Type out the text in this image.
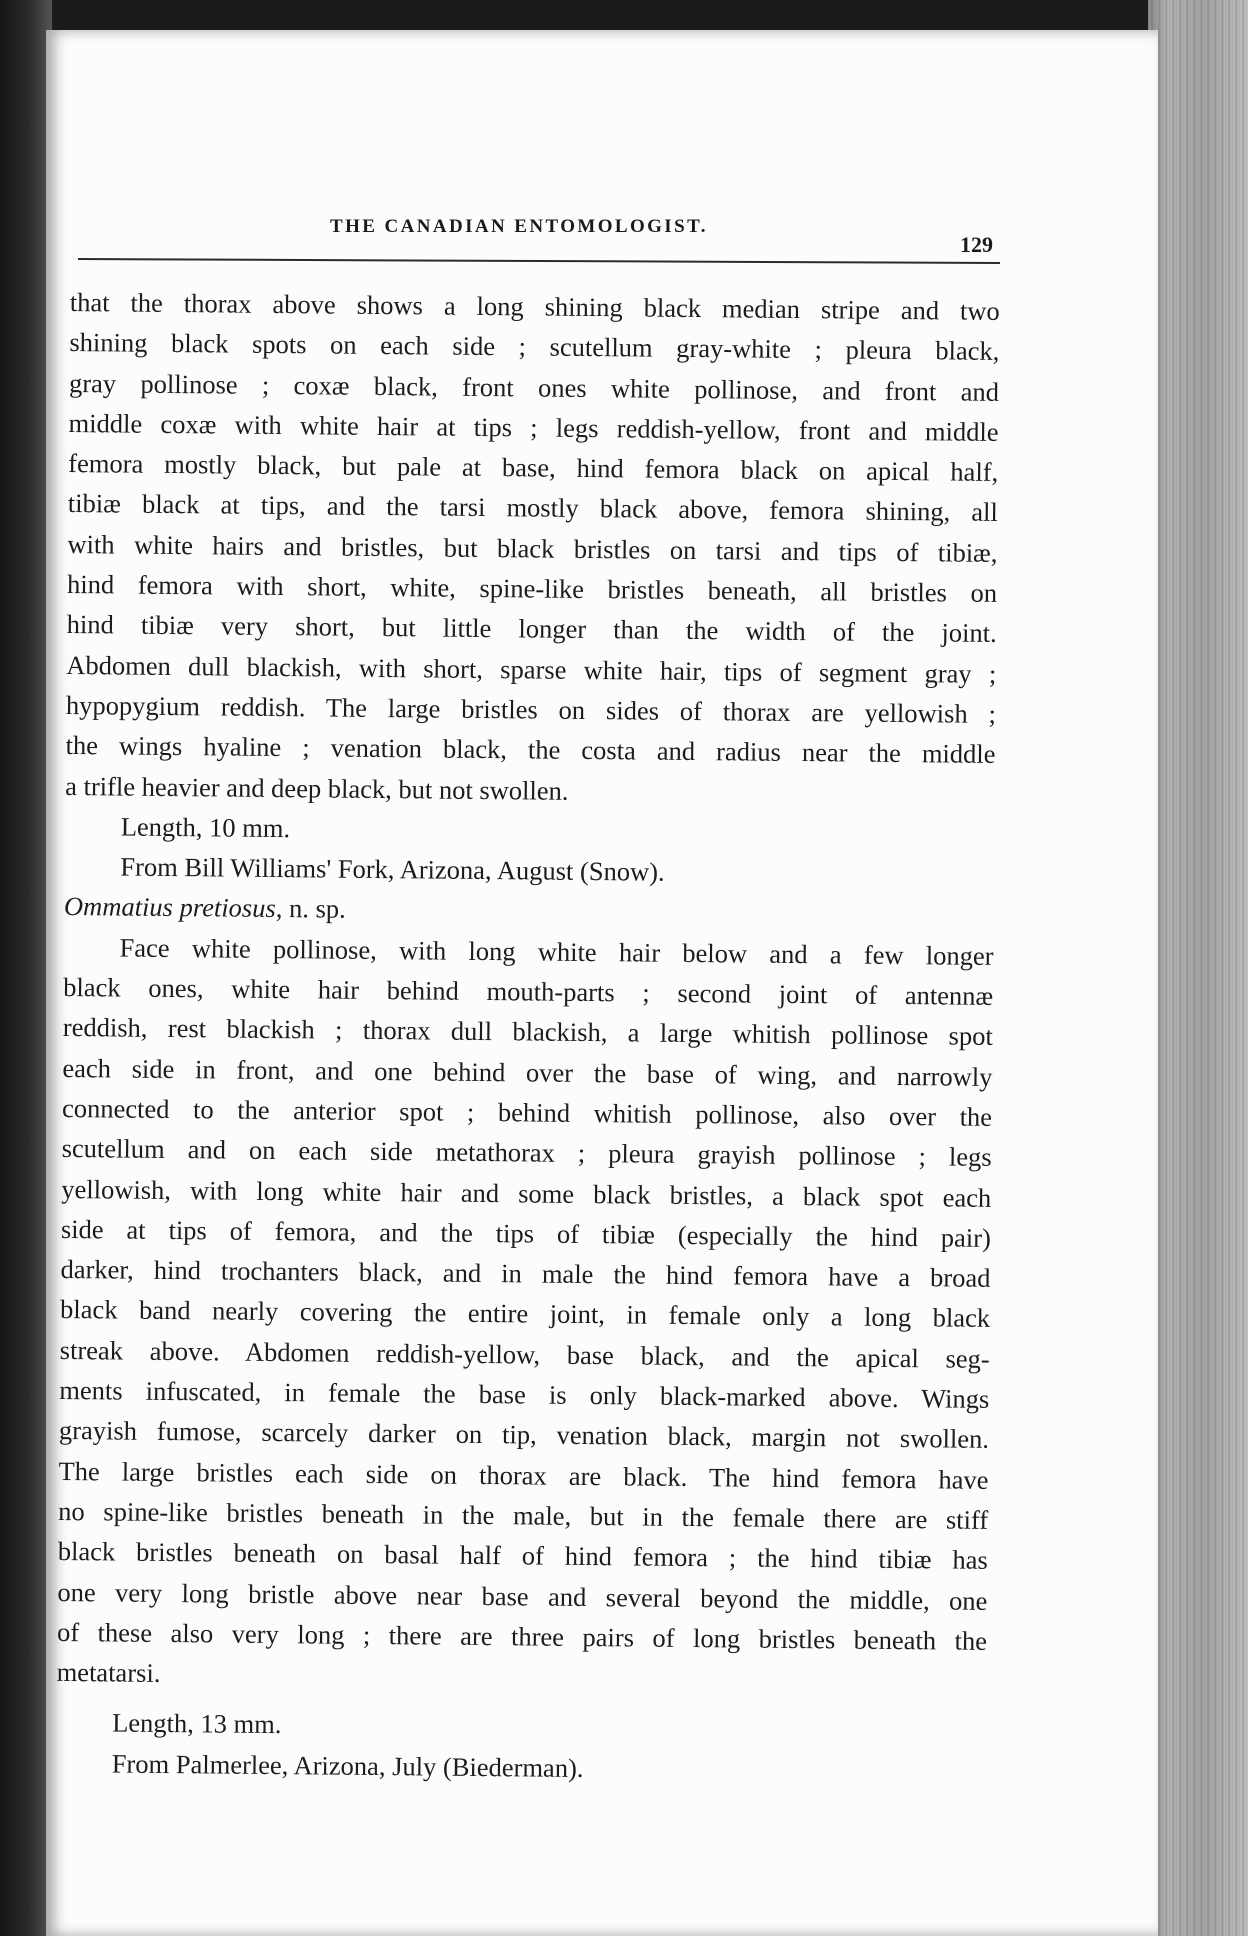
THE CANADIAN ENTOMOLOGIST.
129
that the thorax above shows a long shining black median stripe and two
shining black spots on each side ; scutellum gray-white ; pleura black,
gray pollinose ; coxæ black, front ones white pollinose, and front and
middle coxæ with white hair at tips ; legs reddish-yellow, front and middle
femora mostly black, but pale at base, hind femora black on apical half,
tibiæ black at tips, and the tarsi mostly black above, femora shining, all
with white hairs and bristles, but black bristles on tarsi and tips of tibiæ,
hind femora with short, white, spine-like bristles beneath, all bristles on
hind tibiæ very short, but little longer than the width of the joint.
Abdomen dull blackish, with short, sparse white hair, tips of segment gray ;
hypopygium reddish. The large bristles on sides of thorax are yellowish ;
the wings hyaline ; venation black, the costa and radius near the middle
a trifle heavier and deep black, but not swollen.
Length, 10 mm.
From Bill Williams' Fork, Arizona, August (Snow).
Ommatius pretiosus, n. sp.
Face white pollinose, with long white hair below and a few longer
black ones, white hair behind mouth-parts ; second joint of antennæ
reddish, rest blackish ; thorax dull blackish, a large whitish pollinose spot
each side in front, and one behind over the base of wing, and narrowly
connected to the anterior spot ; behind whitish pollinose, also over the
scutellum and on each side metathorax ; pleura grayish pollinose ; legs
yellowish, with long white hair and some black bristles, a black spot each
side at tips of femora, and the tips of tibiæ (especially the hind pair)
darker, hind trochanters black, and in male the hind femora have a broad
black band nearly covering the entire joint, in female only a long black
streak above. Abdomen reddish-yellow, base black, and the apical seg-
ments infuscated, in female the base is only black-marked above. Wings
grayish fumose, scarcely darker on tip, venation black, margin not swollen.
The large bristles each side on thorax are black. The hind femora have
no spine-like bristles beneath in the male, but in the female there are stiff
black bristles beneath on basal half of hind femora ; the hind tibiæ has
one very long bristle above near base and several beyond the middle, one
of these also very long ; there are three pairs of long bristles beneath the
metatarsi.
Length, 13 mm.
From Palmerlee, Arizona, July (Biederman).
